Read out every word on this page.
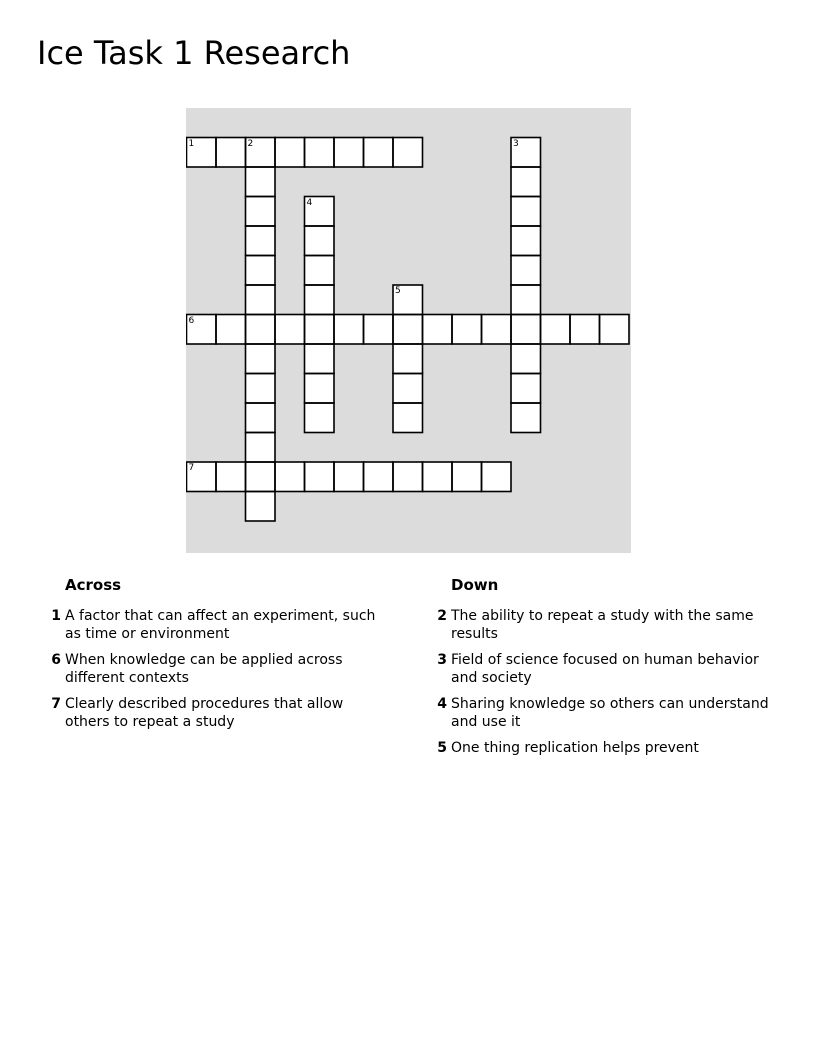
Ice Task 1 Research
1	2	3
4
5
6
7
Across
1 A factor that can affect an experiment, such as time or environment
6 When knowledge can be applied across different contexts
7 Clearly described procedures that allow others to repeat a study
Down
2 The ability to repeat a study with the same results
3 Field of science focused on human behavior and society
4 Sharing knowledge so others can understand and use it
5 One thing replication helps prevent
